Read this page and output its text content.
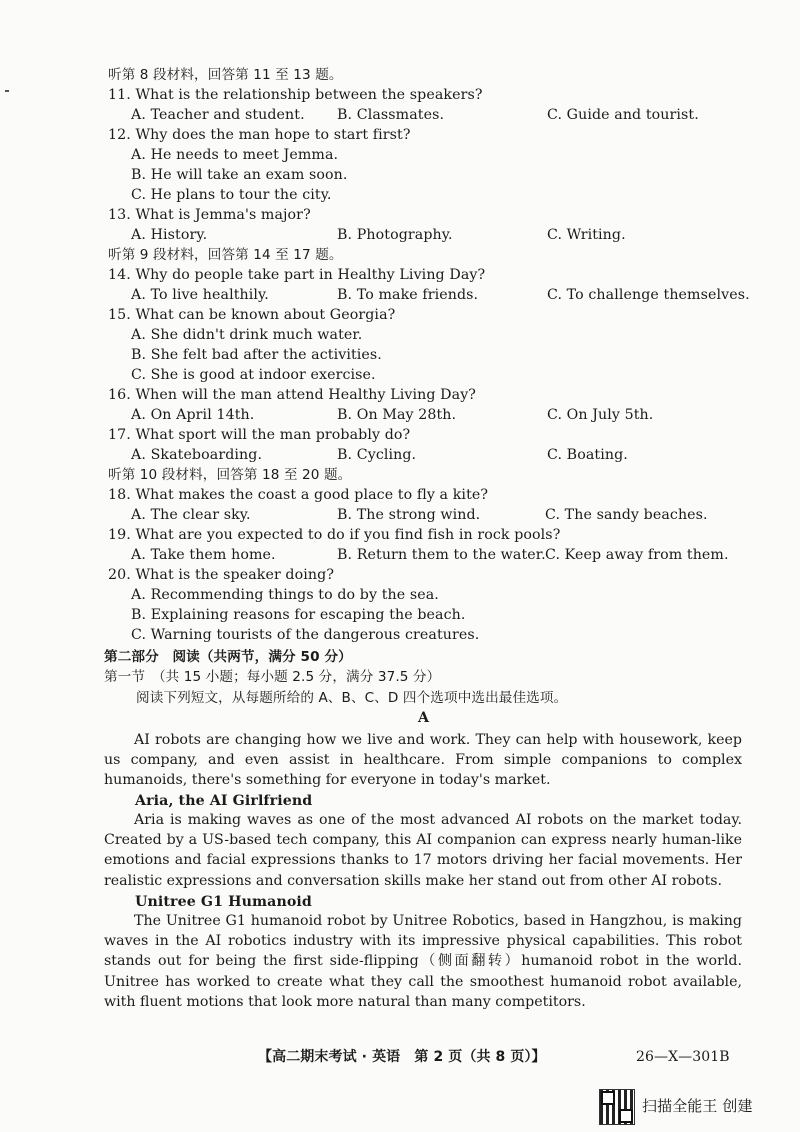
听第 8 段材料，回答第 11 至 13 题。
11. What is the relationship between the speakers?
A. Teacher and student. B. Classmates.	C. Guide and tourist.
12. Why does the man hope to start first?
A. He needs to meet Jemma.
B. He will take an exam soon.
C. He plans to tour the city.
13. What is Jemma's major?
A. History.	B. Photography.	C. Writing.
听第 9 段材料，回答第 14 至 17 题。
14. Why do people take part in Healthy Living Day?
A. To live healthily.	B. To make friends.	C. To challenge themselves.
15. What can be known about Georgia?
A. She didn't drink much water.
B. She felt bad after the activities.
C. She is good at indoor exercise.
16. When will the man attend Healthy Living Day?
A. On April 14th.	B. On May 28th.	C. On July 5th.
17. What sport will the man probably do?
A. Skateboarding.	B. Cycling.	C. Boating.
听第 10 段材料，回答第 18 至 20 题。
18. What makes the coast a good place to fly a kite?
A. The clear sky.	B. The strong wind.	C. The sandy beaches.
19. What are you expected to do if you find fish in rock pools?
A. Take them home.	B. Return them to the water. C. Keep away from them.
20. What is the speaker doing?
A. Recommending things to do by the sea.
B. Explaining reasons for escaping the beach.
C. Warning tourists of the dangerous creatures.
第二部分　阅读（共两节，满分 50 分）
第一节　（共 15 小题；每小题 2.5 分，满分 37.5 分）
阅读下列短文，从每题所给的 A、B、C、D 四个选项中选出最佳选项。
A
AI robots are changing how we live and work. They can help with housework, keep us company, and even assist in healthcare. From simple companions to complex humanoids, there's something for everyone in today's market.
Aria, the AI Girlfriend
Aria is making waves as one of the most advanced AI robots on the market today. Created by a US-based tech company, this AI companion can express nearly human-like emotions and facial expressions thanks to 17 motors driving her facial movements. Her realistic expressions and conversation skills make her stand out from other AI robots.
Unitree G1 Humanoid
The Unitree G1 humanoid robot by Unitree Robotics, based in Hangzhou, is making waves in the AI robotics industry with its impressive physical capabilities. This robot stands out for being the first side-flipping（侧面翻转）humanoid robot in the world. Unitree has worked to create what they call the smoothest humanoid robot available, with fluent motions that look more natural than many competitors.
【高二期末考试 · 英语　第 2 页（共 8 页）】	26—X—301B
扫描全能王 创建
